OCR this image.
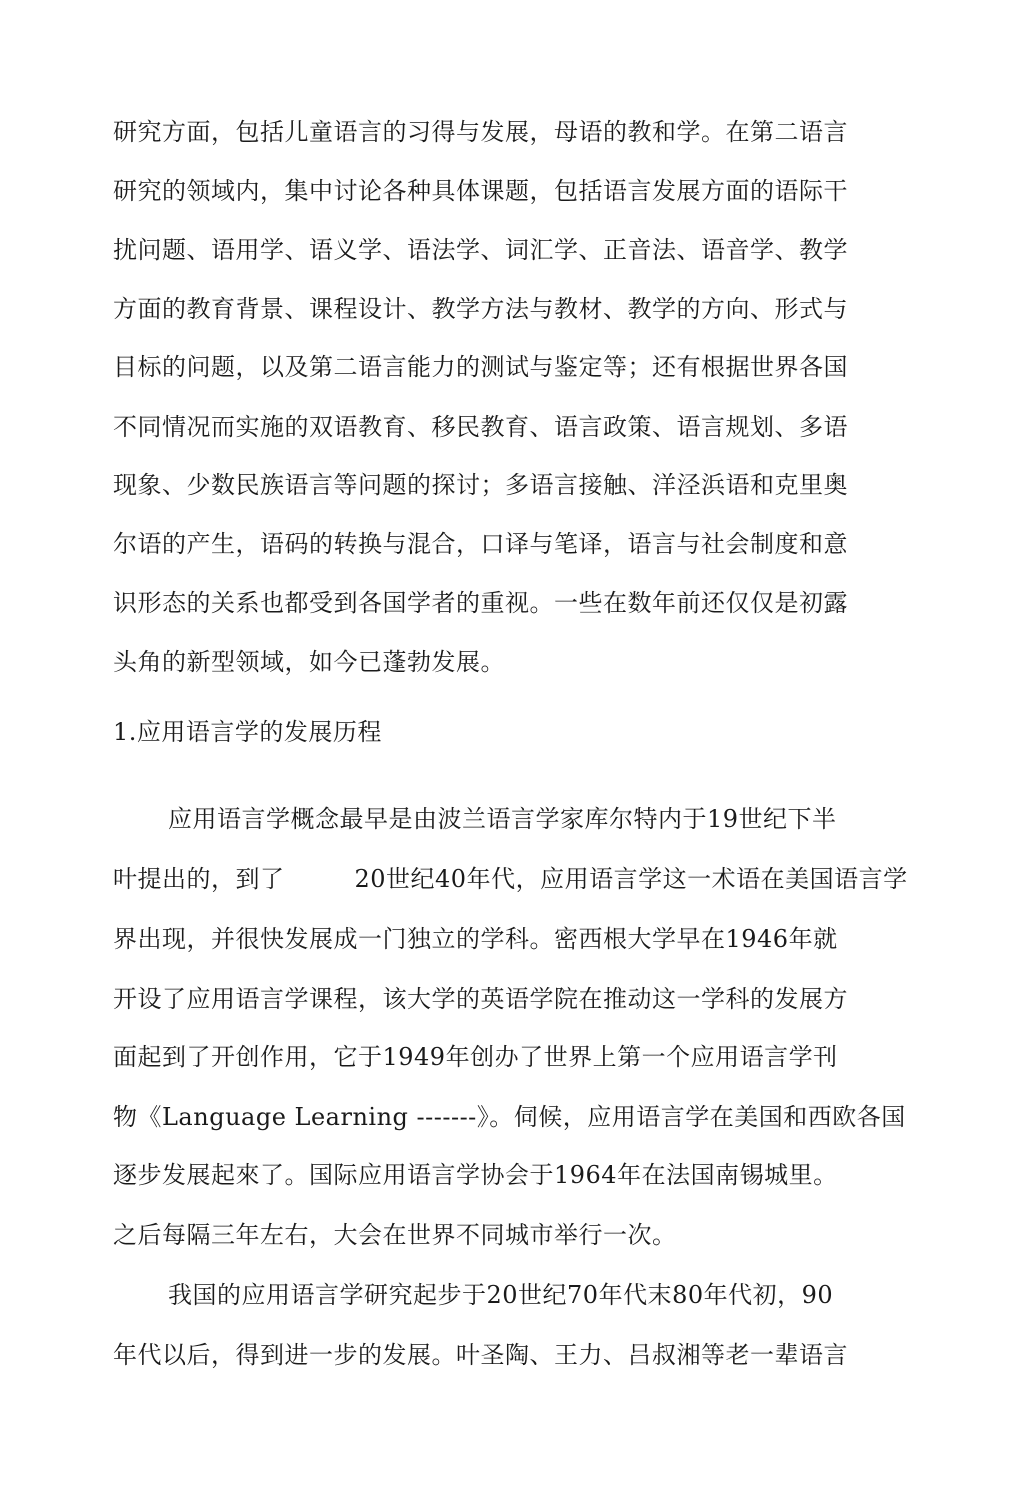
研究方面，包括儿童语言的习得与发展，母语的教和学。在第二语言

研究的领域内，集中讨论各种具体课题，包括语言发展方面的语际干

扰问题、语用学、语义学、语法学、词汇学、正音法、语音学、教学

方面的教育背景、课程设计、教学方法与教材、教学的方向、形式与

目标的问题，以及第二语言能力的测试与鉴定等；还有根据世界各国

不同情况而实施的双语教育、移民教育、语言政策、语言规划、多语

现象、少数民族语言等问题的探讨；多语言接触、洋泾浜语和克里奥

尔语的产生，语码的转换与混合，口译与笔译，语言与社会制度和意

识形态的关系也都受到各国学者的重视。一些在数年前还仅仅是初露

头角的新型领域，如今已蓬勃发展。

1.应用语言学的发展历程

应用语言学概念最早是由波兰语言学家库尔特内于19世纪下半

叶提出的，到了	20世纪40年代，应用语言学这一术语在美国语言学

界出现，并很快发展成一门独立的学科。密西根大学早在1946年就

开设了应用语言学课程，该大学的英语学院在推动这一学科的发展方

面起到了开创作用，它于1949年创办了世界上第一个应用语言学刊

物《Language Learning -------》。伺候，应用语言学在美国和西欧各国

逐步发展起來了。国际应用语言学协会于1964年在法国南锡城里。

之后每隔三年左右，大会在世界不同城市举行一次。

我国的应用语言学研究起步于20世纪70年代末80年代初，90

年代以后，得到进一步的发展。叶圣陶、王力、吕叔湘等老一辈语言
